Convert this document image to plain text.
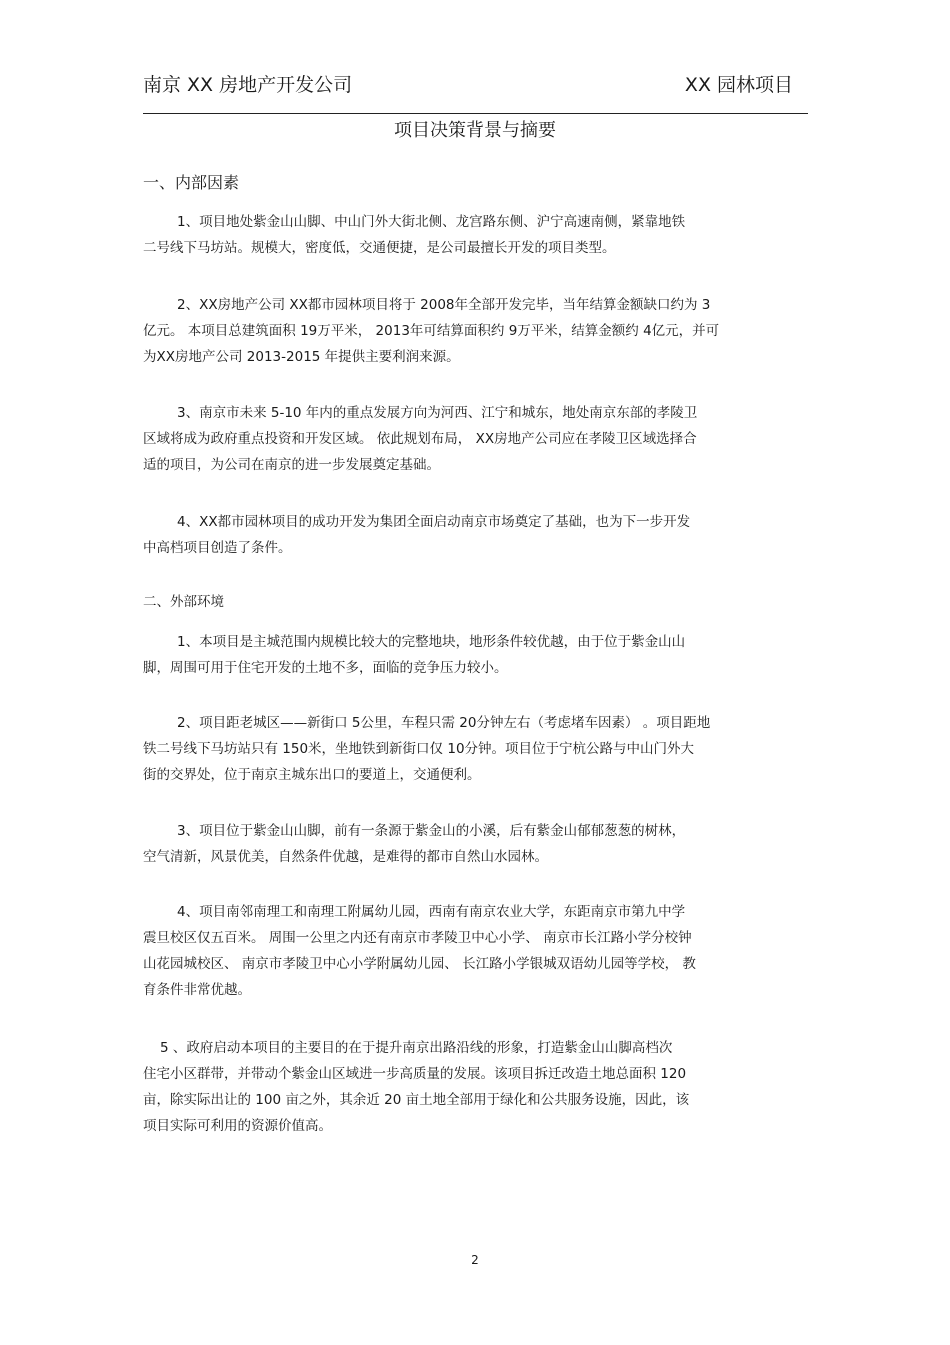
南京 XX 房地产开发公司	XX 园林项目
项目决策背景与摘要
一、内部因素
1、项目地处紫金山山脚、中山门外大街北侧、龙宫路东侧、沪宁高速南侧，紧靠地铁
二号线下马坊站。规模大，密度低，交通便捷，是公司最擅长开发的项目类型。
2、XX房地产公司 XX都市园林项目将于 2008年全部开发完毕，当年结算金额缺口约为 3
亿元。 本项目总建筑面积 19万平米， 2013年可结算面积约 9万平米，结算金额约 4亿元，并可
为XX房地产公司 2013-2015 年提供主要利润来源。
3、南京市未来 5-10 年内的重点发展方向为河西、江宁和城东，地处南京东部的孝陵卫
区域将成为政府重点投资和开发区域。 依此规划布局， XX房地产公司应在孝陵卫区域选择合
适的项目，为公司在南京的进一步发展奠定基础。
4、XX都市园林项目的成功开发为集团全面启动南京市场奠定了基础，也为下一步开发
中高档项目创造了条件。
二、外部环境
1、本项目是主城范围内规模比较大的完整地块，地形条件较优越，由于位于紫金山山
脚，周围可用于住宅开发的土地不多，面临的竞争压力较小。
2、项目距老城区——新街口 5公里，车程只需 20分钟左右（考虑堵车因素） 。项目距地
铁二号线下马坊站只有 150米，坐地铁到新街口仅 10分钟。项目位于宁杭公路与中山门外大
街的交界处，位于南京主城东出口的要道上，交通便利。
3、项目位于紫金山山脚，前有一条源于紫金山的小溪，后有紫金山郁郁葱葱的树林，
空气清新，风景优美，自然条件优越，是难得的都市自然山水园林。
4、项目南邻南理工和南理工附属幼儿园，西南有南京农业大学，东距南京市第九中学
震旦校区仅五百米。 周围一公里之内还有南京市孝陵卫中心小学、 南京市长江路小学分校钟
山花园城校区、 南京市孝陵卫中心小学附属幼儿园、 长江路小学银城双语幼儿园等学校， 教
育条件非常优越。
5 、政府启动本项目的主要目的在于提升南京出路沿线的形象，打造紫金山山脚高档次
住宅小区群带，并带动个紫金山区域进一步高质量的发展。该项目拆迁改造土地总面积 120
亩，除实际出让的 100 亩之外，其余近 20 亩土地全部用于绿化和公共服务设施，因此，该
项目实际可利用的资源价值高。
2
